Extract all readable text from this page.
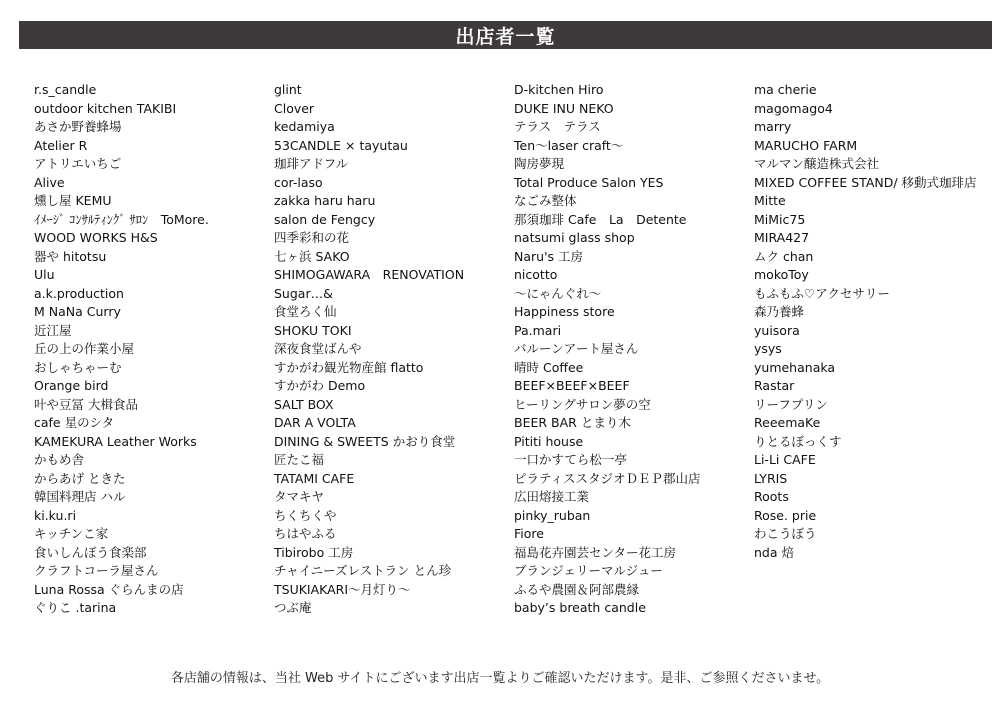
出店者一覧
r.s_candle
outdoor kitchen TAKIBI
あさか野養蜂場
Atelier R
アトリエいちご
Alive
燻し屋 KEMU
ｲﾒｰｼﾞ ｺﾝｻﾙﾃｨﾝｸﾞ ｻﾛﾝ　ToMore.
WOOD WORKS H&S
器や hitotsu
Ulu
a.k.production
M NaNa Curry
近江屋
丘の上の作業小屋
おしゃちゃーむ
Orange bird
叶や豆冨 大楫食品
cafe 星のシタ
KAMEKURA Leather Works
かもめ舎
からあげ ときた
韓国料理店 ハル
ki.ku.ri
キッチンこ家
食いしんぼう食楽部
クラフトコーラ屋さん
Luna Rossa ぐらんまの店
ぐりこ .tarina
glint
Clover
kedamiya
53CANDLE × tayutau
珈琲アドフル
cor-laso
zakka haru haru
salon de Fengcy
四季彩和の花
七ヶ浜 SAKO
SHIMOGAWARA　RENOVATION
Sugar…&
食堂ろく仙
SHOKU TOKI
深夜食堂ばんや
すかがわ観光物産館 flatto
すかがわ Demo
SALT BOX
DAR A VOLTA
DINING & SWEETS かおり食堂
匠たこ福
TATAMI CAFE
タマキヤ
ちくちくや
ちはやふる
Tibirobo 工房
チャイニーズレストラン とん珍
TSUKIAKARI～月灯り～
つぶ庵
D-kitchen Hiro
DUKE INU NEKO
テラス　テラス
Ten～laser craft～
陶房夢現
Total Produce Salon YES
なごみ整体
那須珈琲 Cafe　La　Detente
natsumi glass shop
Naru's 工房
nicotto
～にゃんぐれ～
Happiness store
Pa.mari
バルーンアート屋さん
晴時 Coffee
BEEF×BEEF×BEEF
ヒーリングサロン夢の空
BEER BAR とまり木
Pititi house
一口かすてら松一亭
ピラティススタジオＤＥＰ郡山店
広田熔接工業
pinky_ruban
Fiore
福島花卉園芸センター花工房
ブランジェリーマルジュー
ふるや農園＆阿部農縁
baby’s breath candle
ma cherie
magomago4
marry
MARUCHO FARM
マルマン醸造株式会社
MIXED COFFEE STAND/ 移動式珈琲店
Mitte
MiMic75
MIRA427
ムク chan
mokoToy
もふもふ♡アクセサリー
森乃養蜂
yuisora
ysys
yumehanaka
Rastar
リーフプリン
ReeemaKe
りとるぼっくす
Li-Li CAFE
LYRIS
Roots
Rose. prie
わこうぼう
nda 焙
各店舗の情報は、当社 Web サイトにございます出店一覧よりご確認いただけます。是非、ご参照くださいませ。
